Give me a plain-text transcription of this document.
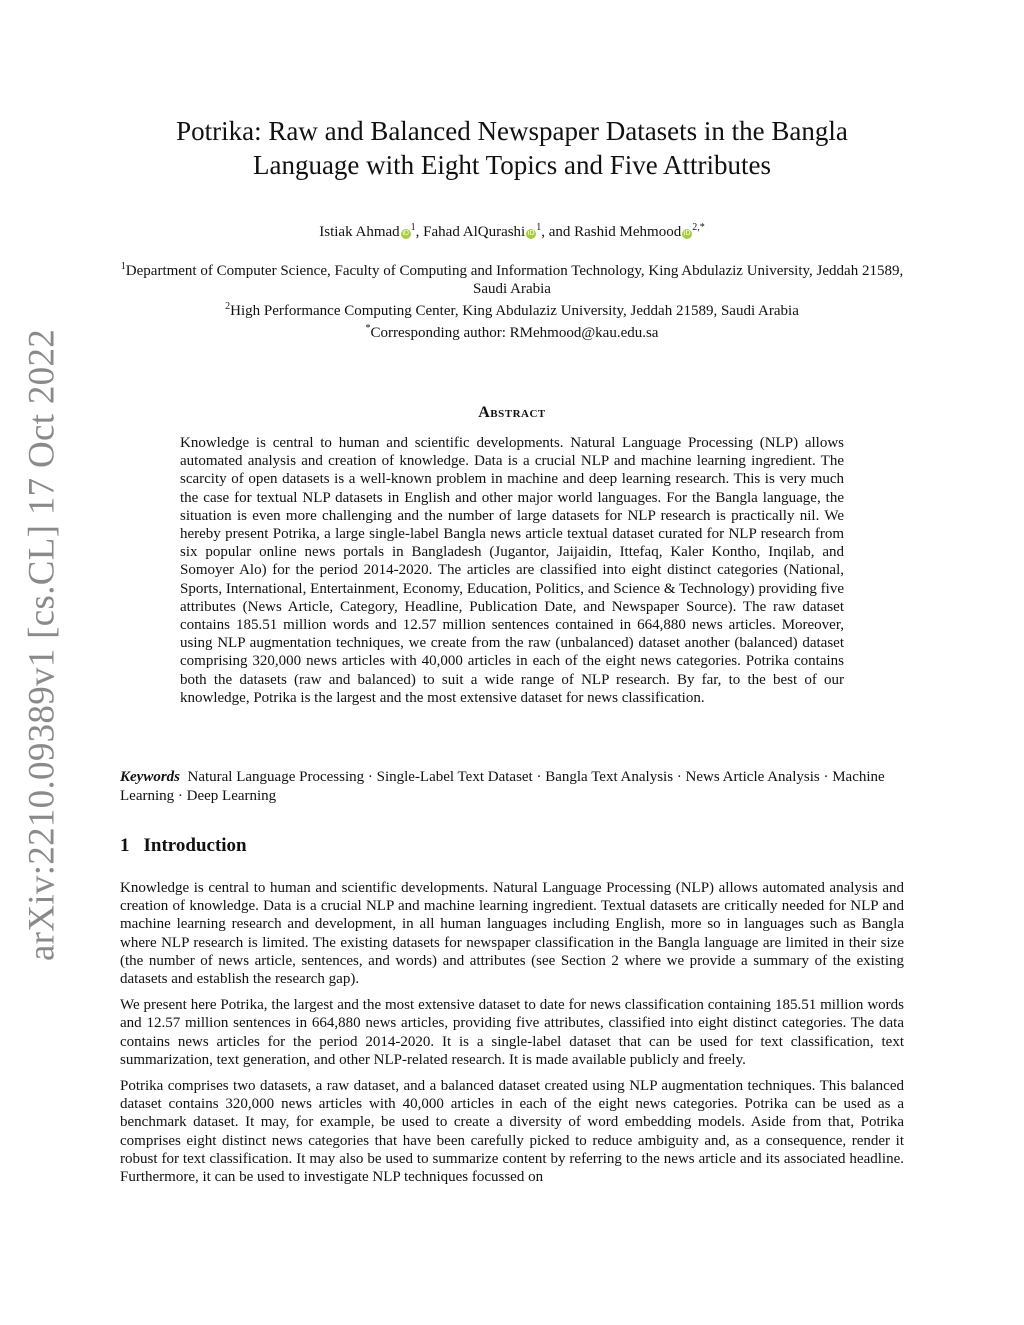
arXiv:2210.09389v1 [cs.CL] 17 Oct 2022
Potrika: Raw and Balanced Newspaper Datasets in the Bangla Language with Eight Topics and Five Attributes
Istiak Ahmad $iD^1$, Fahad AlQurashi $iD^1$, and Rashid Mehmood $iD^{2,*}$
$^1$Department of Computer Science, Faculty of Computing and Information Technology, King Abdulaziz University, Jeddah 21589, Saudi Arabia
$^2$High Performance Computing Center, King Abdulaziz University, Jeddah 21589, Saudi Arabia
*Corresponding author: RMehmood@kau.edu.sa
Abstract
Knowledge is central to human and scientific developments. Natural Language Processing (NLP) allows automated analysis and creation of knowledge. Data is a crucial NLP and machine learning ingredient. The scarcity of open datasets is a well-known problem in machine and deep learning research. This is very much the case for textual NLP datasets in English and other major world languages. For the Bangla language, the situation is even more challenging and the number of large datasets for NLP research is practically nil. We hereby present Potrika, a large single-label Bangla news article textual dataset curated for NLP research from six popular online news portals in Bangladesh (Jugantor, Jaijaidin, Ittefaq, Kaler Kontho, Inqilab, and Somoyer Alo) for the period 2014-2020. The articles are classified into eight distinct categories (National, Sports, International, Entertainment, Economy, Education, Politics, and Science & Technology) providing five attributes (News Article, Category, Headline, Publication Date, and Newspaper Source). The raw dataset contains 185.51 million words and 12.57 million sentences contained in 664,880 news articles. Moreover, using NLP augmentation techniques, we create from the raw (unbalanced) dataset another (balanced) dataset comprising 320,000 news articles with 40,000 articles in each of the eight news categories. Potrika contains both the datasets (raw and balanced) to suit a wide range of NLP research. By far, to the best of our knowledge, Potrika is the largest and the most extensive dataset for news classification.
Keywords Natural Language Processing · Single-Label Text Dataset · Bangla Text Analysis · News Article Analysis · Machine Learning · Deep Learning
1 Introduction

Knowledge is central to human and scientific developments. Natural Language Processing (NLP) allows automated analysis and creation of knowledge. Data is a crucial NLP and machine learning ingredient. Textual datasets are critically needed for NLP and machine learning research and development, in all human languages including English, more so in languages such as Bangla where NLP research is limited. The existing datasets for newspaper classification in the Bangla language are limited in their size (the number of news article, sentences, and words) and attributes (see Section 2 where we provide a summary of the existing datasets and establish the research gap).

We present here Potrika, the largest and the most extensive dataset to date for news classification containing 185.51 million words and 12.57 million sentences in 664,880 news articles, providing five attributes, classified into eight distinct categories. The data contains news articles for the period 2014-2020. It is a single-label dataset that can be used for text classification, text summarization, text generation, and other NLP-related research. It is made available publicly and freely.

Potrika comprises two datasets, a raw dataset, and a balanced dataset created using NLP augmentation techniques. This balanced dataset contains 320,000 news articles with 40,000 articles in each of the eight news categories. Potrika can be used as a benchmark dataset. It may, for example, be used to create a diversity of word embedding models. Aside from that, Potrika comprises eight distinct news categories that have been carefully picked to reduce ambiguity and, as a consequence, render it robust for text classification. It may also be used to summarize content by referring to the news article and its associated headline. Furthermore, it can be used to investigate NLP techniques focussed on
